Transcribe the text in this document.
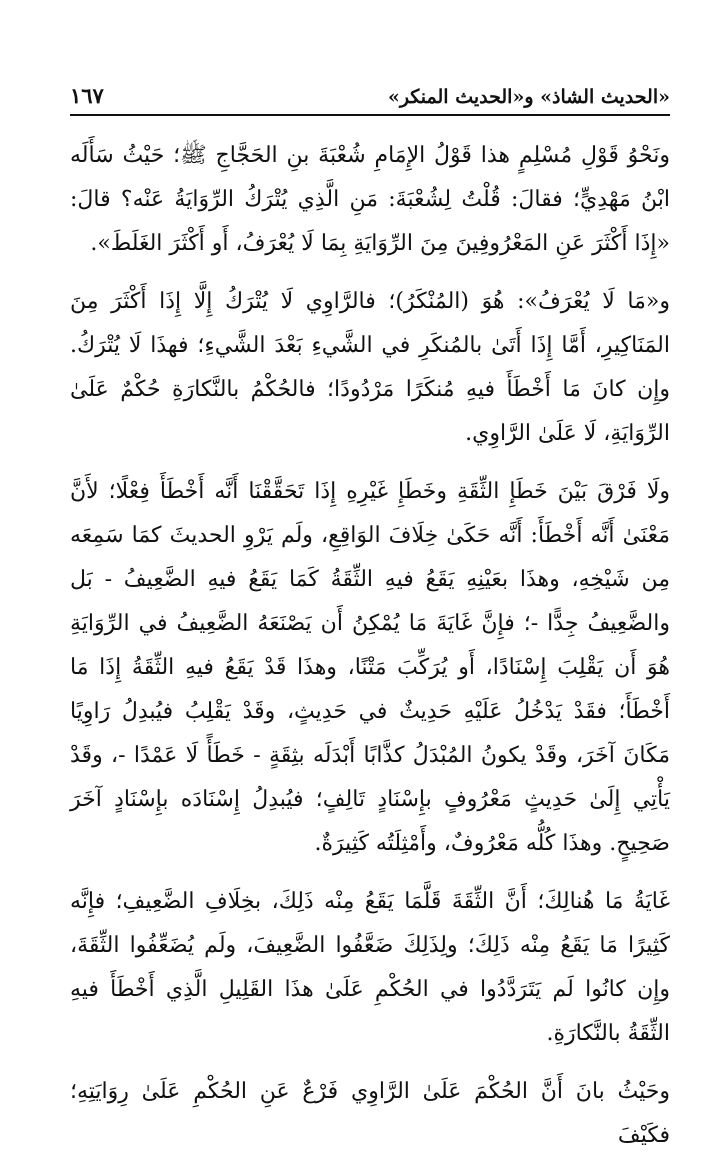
«الحديث الشاذ» و«الحديث المنكر»
١٦٧

ونَحْوُ قَوْلِ مُسْلِمٍ هذا قَوْلُ الإِمَامِ شُعْبَةَ بنِ الحَجَّاجِ ﷺ؛ حَيْثُ سَأَلَه ابْنُ مَهْدِيٍّ؛ فقالَ: قُلْتُ لِشُعْبَةَ: مَنِ الَّذِي يُتْرَكُ الرِّوَايَةُ عَنْه؟ قالَ: «إِذَا أَكْثَرَ عَنِ المَعْرُوفِينَ مِنَ الرِّوَايَةِ بِمَا لَا يُعْرَفُ، أَو أَكْثَرَ الغَلَطَ».

و«مَا لَا يُعْرَفُ»: هُوَ (المُنْكَرُ)؛ فالرَّاوِي لَا يُتْرَكُ إِلَّا إِذَا أَكْثَرَ مِنَ المَنَاكِيرِ، أَمَّا إِذَا أَتَىٰ بالمُنكَرِ في الشَّيءِ بَعْدَ الشَّيءِ؛ فهذَا لَا يُتْرَكُ. وإِن كانَ مَا أَخْطَأَ فيهِ مُنكَرًا مَرْدُودًا؛ فالحُكْمُ بالنَّكارَةِ حُكْمٌ عَلَىٰ الرِّوَايَةِ، لَا عَلَىٰ الرَّاوِي.

ولَا فَرْقَ بَيْنَ خَطَإِ الثِّقَةِ وخَطَإِ غَيْرِهِ إِذَا تَحَقَّقْنَا أَنَّه أَخْطَأَ فِعْلًا؛ لأَنَّ مَعْنَىٰ أَنَّه أَخْطَأَ: أَنَّه حَكَىٰ خِلَافَ الوَاقِعِ، ولَم يَرْوِ الحديثَ كمَا سَمِعَه مِن شَيْخِهِ، وهذَا بعَيْنِهِ يَقَعُ فيهِ الثِّقَةُ كَمَا يَقَعُ فيهِ الضَّعِيفُ - بَل والضَّعِيفُ جِدًّا -؛ فإِنَّ غَايَةَ مَا يُمْكِنُ أَن يَصْنَعَهُ الضَّعِيفُ في الرِّوَايَةِ هُوَ أَن يَقْلِبَ إِسْنَادًا، أَو يُرَكِّبَ مَتْنًا، وهذَا قَدْ يَقَعُ فيهِ الثِّقَةُ إِذَا مَا أَخْطَأَ؛ فقَدْ يَدْخُلُ عَلَيْهِ حَدِيثٌ في حَدِيثٍ، وقَدْ يَقْلِبُ فيُبدِلُ رَاوِيًا مَكَانَ آخَرَ، وقَدْ يكونُ المُبْدَلُ كذَّابًا أَبْدَلَه بثِقَةٍ - خَطَأً لَا عَمْدًا -، وقَدْ يَأْتِي إِلَىٰ حَدِيثٍ مَعْرُوفٍ بإِسْنَادٍ تَالِفٍ؛ فيُبدِلُ إِسْنَادَه بإِسْنَادٍ آخَرَ صَحِيحٍ. وهذَا كُلُّه مَعْرُوفٌ، وأَمْثِلَتُه كَثِيرَةٌ.

غَايَةُ مَا هُنالِكَ؛ أَنَّ الثِّقَةَ قَلَّمَا يَقَعُ مِنْه ذَلِكَ، بخِلَافِ الضَّعِيفِ؛ فإِنَّه كَثِيرًا مَا يَقَعُ مِنْه ذَلِكَ؛ ولِذَلِكَ ضَعَّفُوا الضَّعِيفَ، ولَم يُضَعِّفُوا الثِّقَةَ، وإِن كانُوا لَم يَتَرَدَّدُوا في الحُكْمِ عَلَىٰ هذَا القَلِيلِ الَّذِي أَخْطَأَ فيهِ الثِّقَةُ بالنَّكارَةِ.

وحَيْثُ بانَ أَنَّ الحُكْمَ عَلَىٰ الرَّاوِي فَرْعٌ عَنِ الحُكْمِ عَلَىٰ رِوَايَتِهِ؛ فكَيْفَ
